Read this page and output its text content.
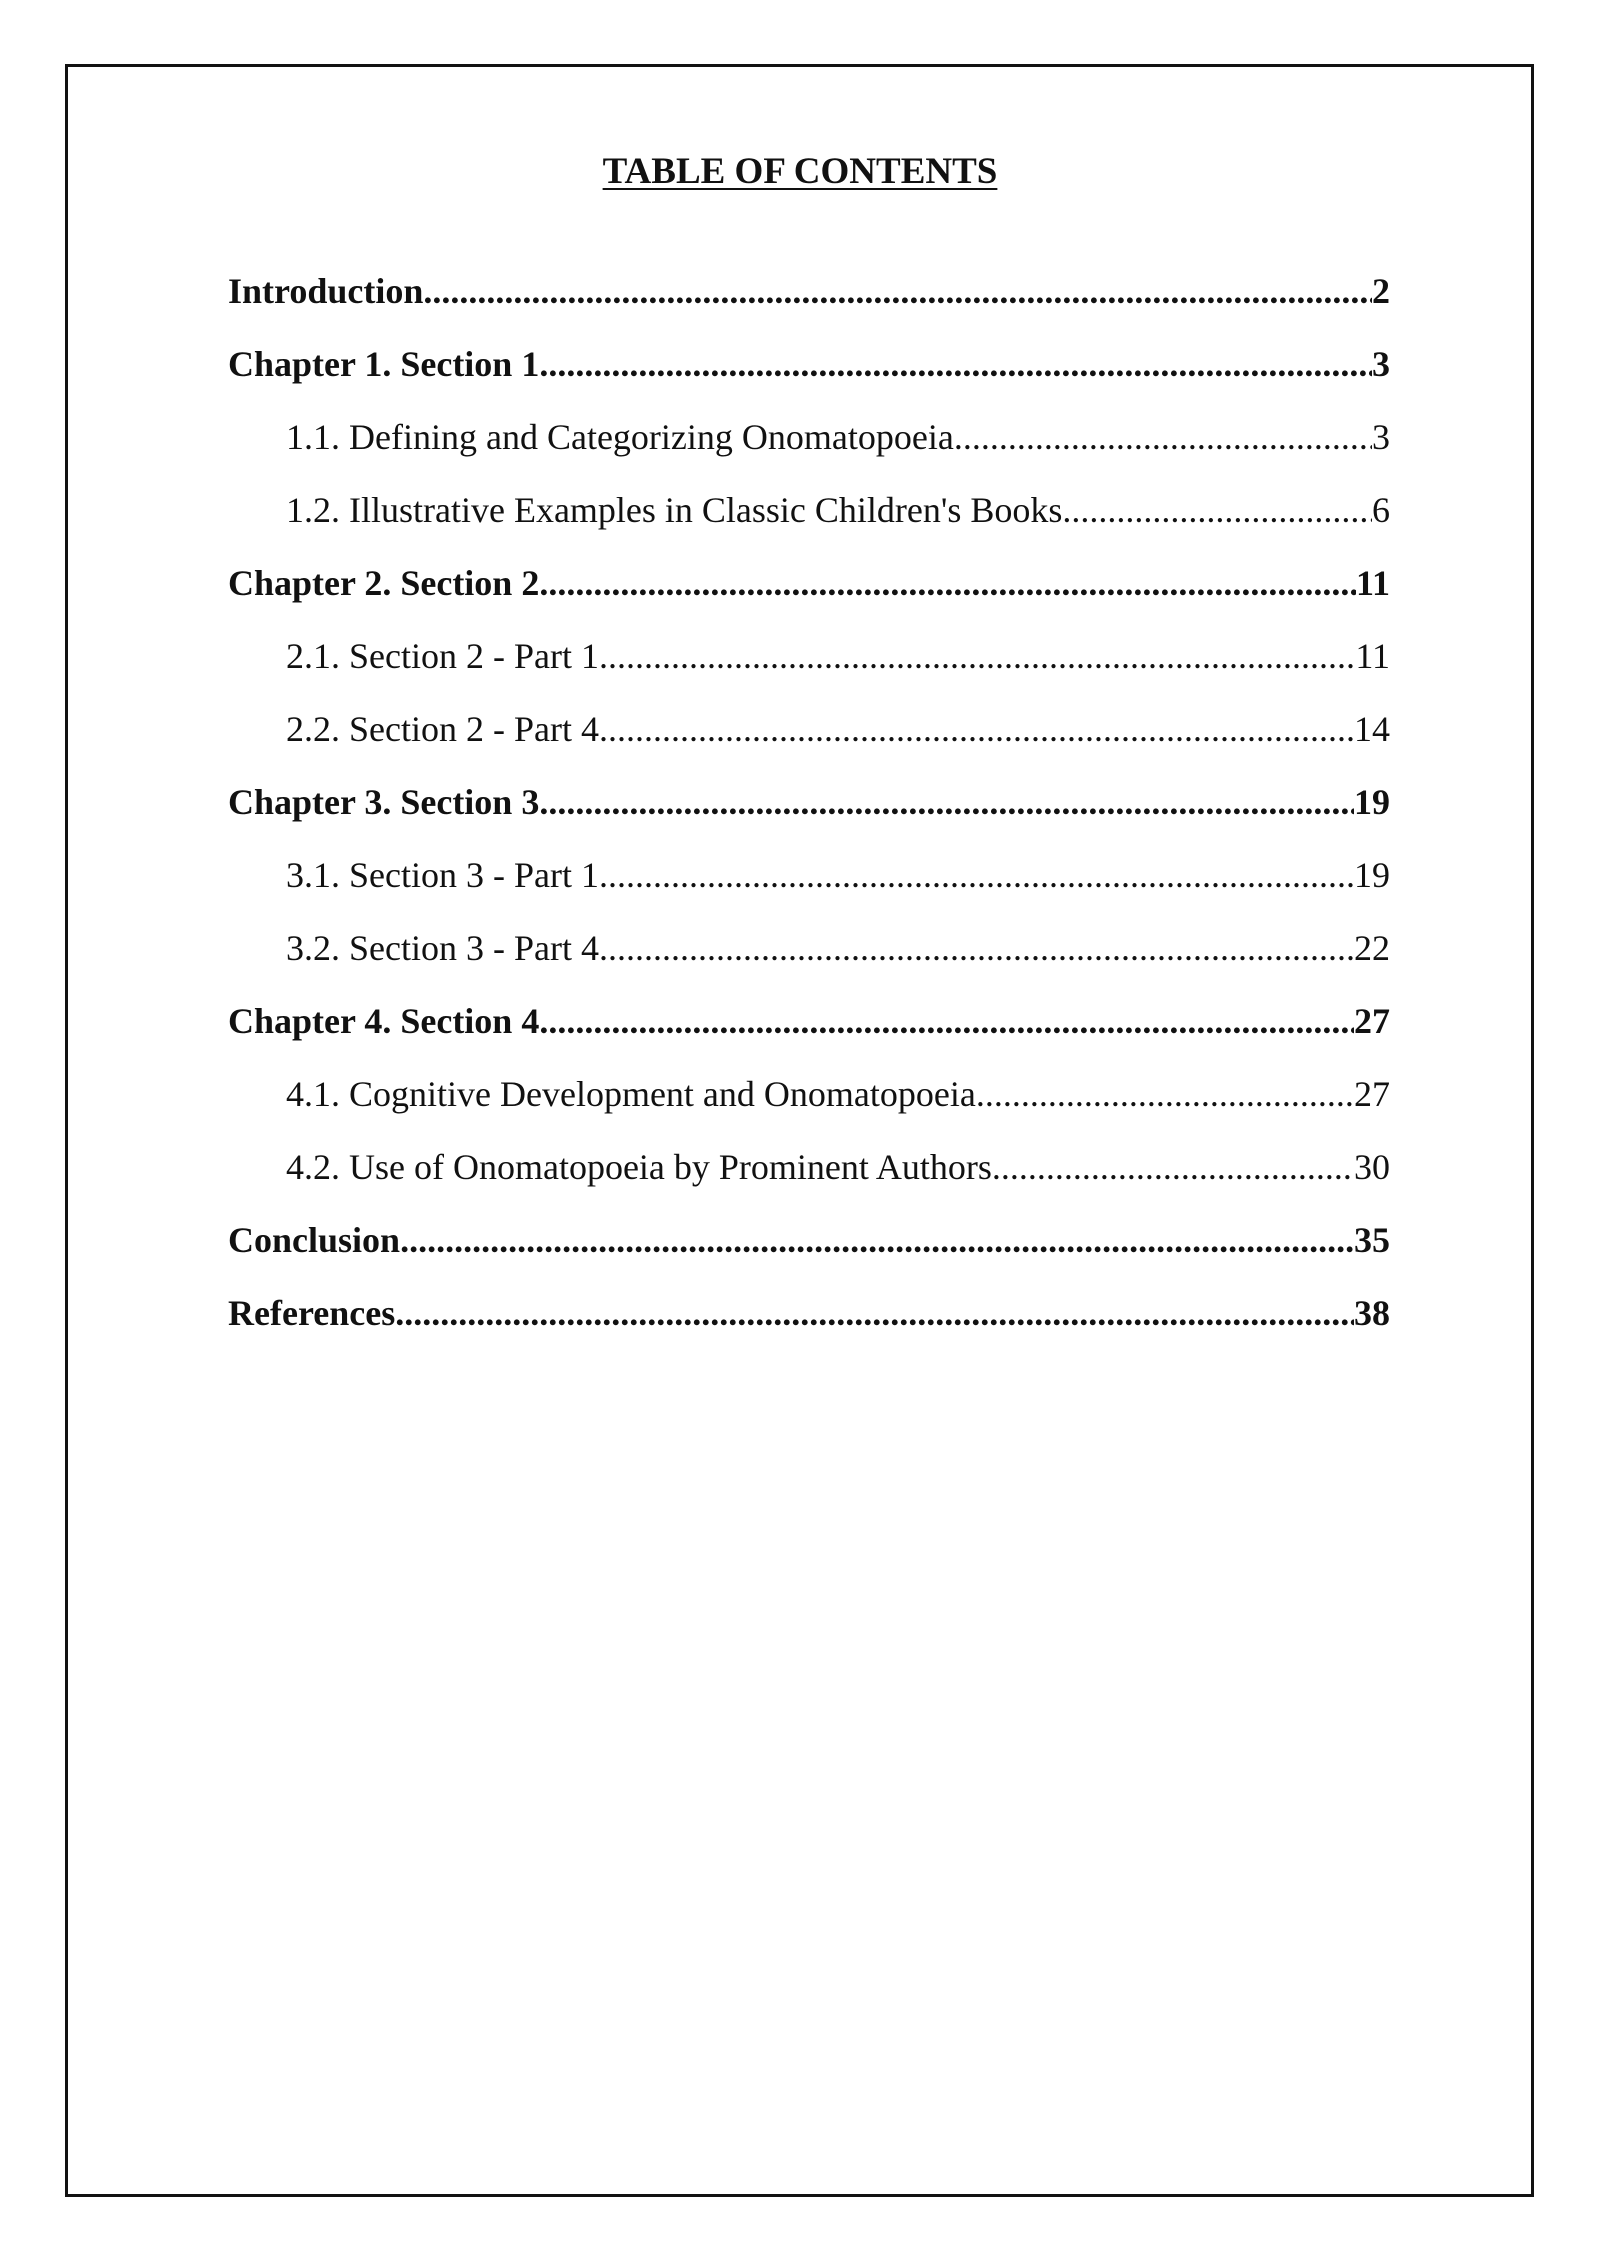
TABLE OF CONTENTS
Introduction .....	2
Chapter 1. Section 1 .....	3
1.1. Defining and Categorizing Onomatopoeia .....	3
1.2. Illustrative Examples in Classic Children's Books .....	6
Chapter 2. Section 2 .....	11
2.1. Section 2 - Part 1 .....	11
2.2. Section 2 - Part 4 .....	14
Chapter 3. Section 3 .....	19
3.1. Section 3 - Part 1 .....	19
3.2. Section 3 - Part 4 .....	22
Chapter 4. Section 4 .....	27
4.1. Cognitive Development and Onomatopoeia .....	27
4.2. Use of Onomatopoeia by Prominent Authors .....	30
Conclusion .....	35
References .....	38
